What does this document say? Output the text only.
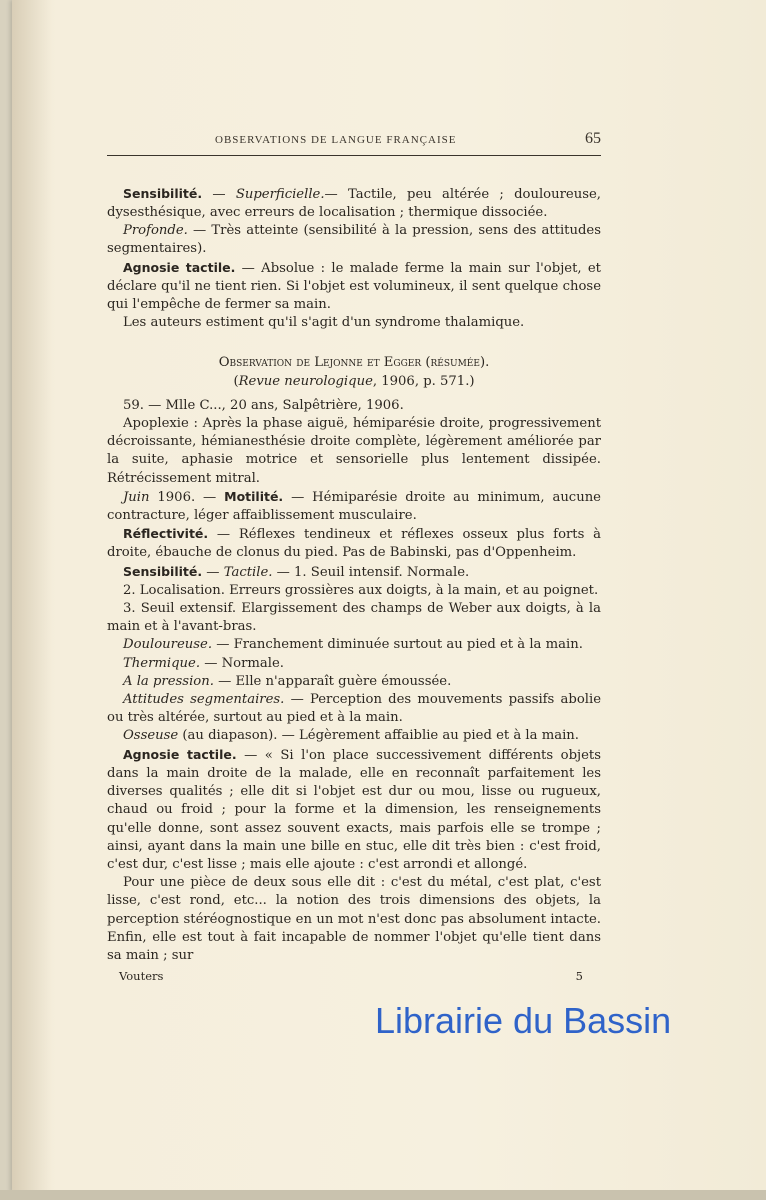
OBSERVATIONS DE LANGUE FRANÇAISE	65

Sensibilité. — Superficielle.— Tactile, peu altérée ; douloureuse, dysesthésique, avec erreurs de localisation ; thermique dissociée.

Profonde. — Très atteinte (sensibilité à la pression, sens des attitudes segmentaires).

Agnosie tactile. — Absolue : le malade ferme la main sur l'objet, et déclare qu'il ne tient rien. Si l'objet est volumineux, il sent quelque chose qui l'empêche de fermer sa main.

Les auteurs estiment qu'il s'agit d'un syndrome thalamique.

Observation de Lejonne et Egger (résumée).

(Revue neurologique, 1906, p. 571.)

59. — Mlle C..., 20 ans, Salpêtrière, 1906.

Apoplexie : Après la phase aiguë, hémiparésie droite, progressivement décroissante, hémianesthésie droite complète, légèrement améliorée par la suite, aphasie motrice et sensorielle plus lentement dissipée. Rétrécissement mitral.

Juin 1906. — Motilité. — Hémiparésie droite au minimum, aucune contracture, léger affaiblissement musculaire.

Réflectivité. — Réflexes tendineux et réflexes osseux plus forts à droite, ébauche de clonus du pied. Pas de Babinski, pas d'Oppenheim.

Sensibilité. — Tactile. — 1. Seuil intensif. Normale.

2. Localisation. Erreurs grossières aux doigts, à la main, et au poignet.

3. Seuil extensif. Elargissement des champs de Weber aux doigts, à la main et à l'avant-bras.

Douloureuse. — Franchement diminuée surtout au pied et à la main.

Thermique. — Normale.

A la pression. — Elle n'apparaît guère émoussée.

Attitudes segmentaires. — Perception des mouvements passifs abolie ou très altérée, surtout au pied et à la main.

Osseuse (au diapason). — Légèrement affaiblie au pied et à la main.

Agnosie tactile. — « Si l'on place successivement différents objets dans la main droite de la malade, elle en reconnaît parfaitement les diverses qualités ; elle dit si l'objet est dur ou mou, lisse ou rugueux, chaud ou froid ; pour la forme et la dimension, les renseignements qu'elle donne, sont assez souvent exacts, mais parfois elle se trompe ; ainsi, ayant dans la main une bille en stuc, elle dit très bien : c'est froid, c'est dur, c'est lisse ; mais elle ajoute : c'est arrondi et allongé.

Pour une pièce de deux sous elle dit : c'est du métal, c'est plat, c'est lisse, c'est rond, etc... la notion des trois dimensions des objets, la perception stéréognostique en un mot n'est donc pas absolument intacte. Enfin, elle est tout à fait incapable de nommer l'objet qu'elle tient dans sa main ; sur

Vouters	5
Librairie du Bassin
